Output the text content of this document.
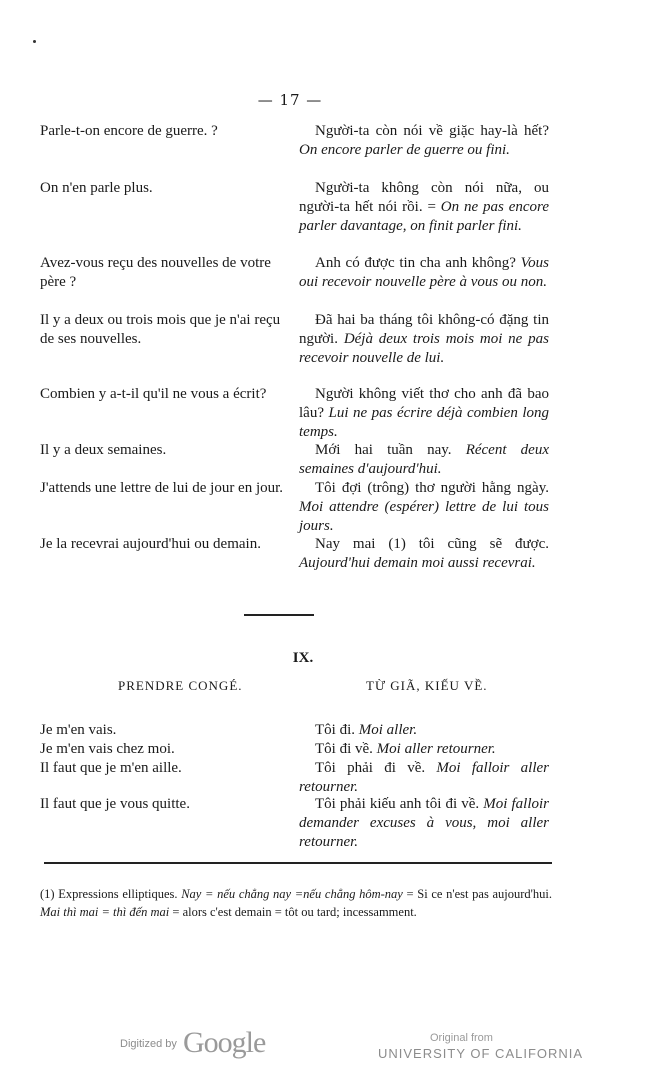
— 17 —
Parle-t-on encore de guerre. ?
On n'en parle plus.
Avez-vous reçu des nouvelles de votre père ?
Il y a deux ou trois mois que je n'ai reçu de ses nouvelles.
Combien y a-t-il qu'il ne vous a écrit?
Il y a deux semaines.
J'attends une lettre de lui de jour en jour.
Je la recevrai aujourd'hui ou demain.
Người-ta còn nói về giặc hay-là hết? On encore parler de guerre ou fini.
Người-ta không còn nói nữa, ou người-ta hết nói rồi. = On ne pas encore parler davantage, on finit parler fini.
Anh có được tin cha anh không? Vous oui recevoir nouvelle père à vous ou non.
Đã hai ba tháng tôi không-có đặng tin người. Déjà deux trois mois moi ne pas recevoir nouvelle de lui.
Người không viết thơ cho anh đã bao lâu? Lui ne pas écrire déjà combien long temps.
Mới hai tuần nay. Récent deux semaines d'aujourd'hui.
Tôi đợi (trông) thơ người hằng ngày. Moi attendre (espérer) lettre de lui tous jours.
Nay mai (1) tôi cũng sẽ được. Aujourd'hui demain moi aussi recevrai.
IX.
PRENDRE CONGÉ.	TỪ GIÃ, KIẾU VỀ.
Je m'en vais.
Je m'en vais chez moi.
Il faut que je m'en aille.
Il faut que je vous quitte.
Tôi đi. Moi aller.
Tôi đi về. Moi aller retourner.
Tôi phải đi về. Moi falloir aller retourner.
Tôi phải kiếu anh tôi đi về. Moi falloir demander excuses à vous, moi aller retourner.
(1) Expressions elliptiques. Nay = nếu chẳng nay =nếu chẳng hôm-nay = Si ce n'est pas aujourd'hui. Mai thì mai = thì đến mai = alors c'est demain = tôt ou tard; incessamment.
Digitized by Google	Original from
UNIVERSITY OF CALIFORNIA
